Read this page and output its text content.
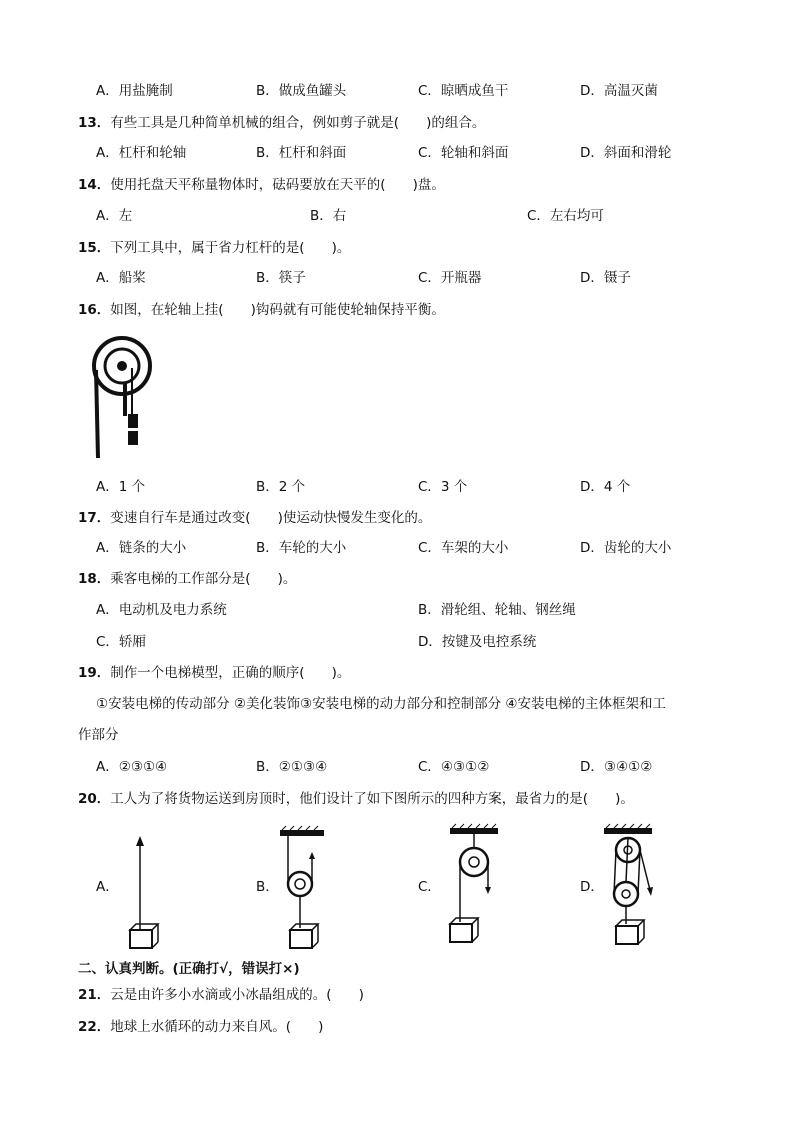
A．用盐腌制	B．做成鱼罐头	C．晾晒成鱼干	D．高温灭菌
13．有些工具是几种简单机械的组合，例如剪子就是(　　)的组合。
A．杠杆和轮轴	B．杠杆和斜面	C．轮轴和斜面	D．斜面和滑轮
14．使用托盘天平称量物体时，砝码要放在天平的(　　)盘。
A．左	B．右	C．左右均可
15．下列工具中，属于省力杠杆的是(　　)。
A．船桨	B．筷子	C．开瓶器	D．镊子
16．如图，在轮轴上挂(　　)钩码就有可能使轮轴保持平衡。
A．1 个	B．2 个	C．3 个	D．4 个
17．变速自行车是通过改变(　　)使运动快慢发生变化的。
A．链条的大小	B．车轮的大小	C．车架的大小	D．齿轮的大小
18．乘客电梯的工作部分是(　　)。
A．电动机及电力系统	B．滑轮组、轮轴、钢丝绳
C．轿厢	D．按键及电控系统
19．制作一个电梯模型，正确的顺序(　　)。
①安装电梯的传动部分 ②美化装饰③安装电梯的动力部分和控制部分 ④安装电梯的主体框架和工
作部分
A．②③①④	B．②①③④	C．④③①②	D．③④①②
20．工人为了将货物运送到房顶时，他们设计了如下图所示的四种方案，最省力的是(　　)。
A．	B．	C．	D．
二、认真判断。(正确打√，错误打×)
21．云是由许多小水滴或小冰晶组成的。(　　)
22．地球上水循环的动力来自风。(　　)
